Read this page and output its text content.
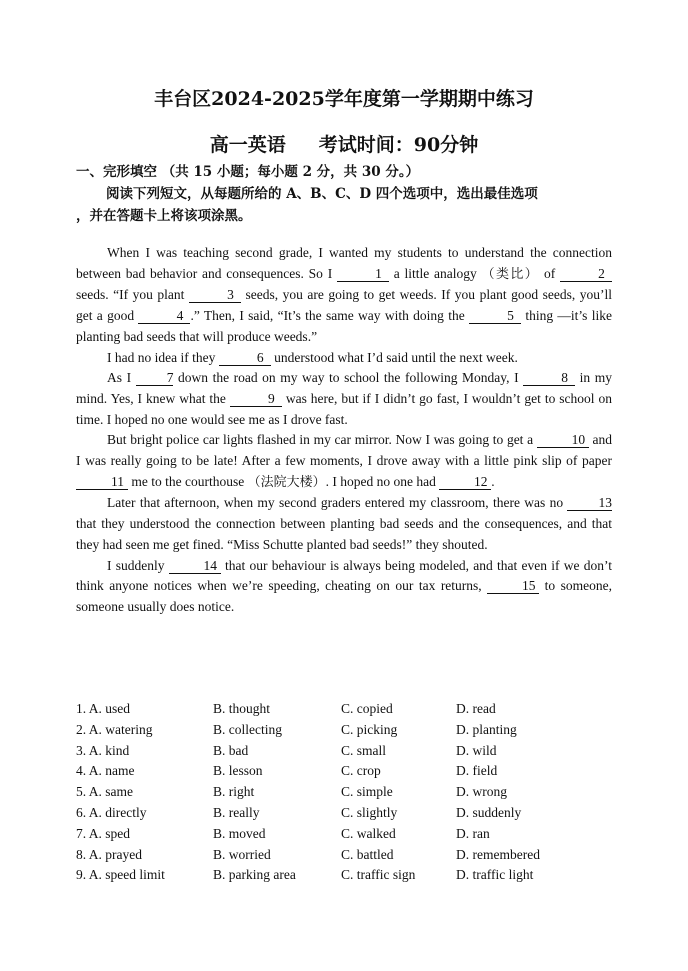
丰台区2024-2025学年度第一学期期中练习
高一英语     考试时间：90分钟
一、完形填空 （共 15 小题；每小题 2 分，共 30 分。）
阅读下列短文，从每题所给的 A、B、C、D 四个选项中，选出最佳选项
，并在答题卡上将该项涂黑。

When I was teaching second grade, I wanted my students to understand the connection between bad behavior and consequences. So I	1 a little analogy （类比） of	2 seeds. “If you plant	3 seeds, you are going to get weeds. If you plant good seeds, you’ll get a good	4 .” Then, I said, “It’s the same way with doing the	5 thing —it’s like planting bad seeds that will produce weeds.”

I had no idea if they	6 understood what I’d said until the next week.

As I 7 down the road on my way to school the following Monday, I	8 in my mind. Yes, I knew what the	9 was here, but if I didn’t go fast, I wouldn’t get to school on time. I hoped no one would see me as I drove fast.

But bright police car lights flashed in my car mirror. Now I was going to get a	10 and I was really going to be late! After a few moments, I drove away with a little pink slip of paper 11 me to the courthouse （法院大楼）. I hoped no one had	12 .

Later that afternoon, when my second graders entered my classroom, there was no 13 that they understood the connection between planting bad seeds and the consequences, and that they had seen me get fined. “Miss Schutte planted bad seeds!” they shouted.

I suddenly	14 that our behaviour is always being modeled, and that even if we don’t think anyone notices when we’re speeding, cheating on our tax returns,	15 to someone, someone usually does notice.

1. A. used	B. thought	C. copied	D. read
2. A. watering	B. collecting	C. picking	D. planting
3. A. kind	B. bad	C. small	D. wild
4. A. name	B. lesson	C. crop	D. field
5. A. same	B. right	C. simple	D. wrong
6. A. directly	B. really	C. slightly	D. suddenly
7. A. sped	B. moved	C. walked	D. ran
8. A. prayed	B. worried	C. battled	D. remembered
9. A. speed limit	B. parking area	C. traffic sign	D. traffic light
